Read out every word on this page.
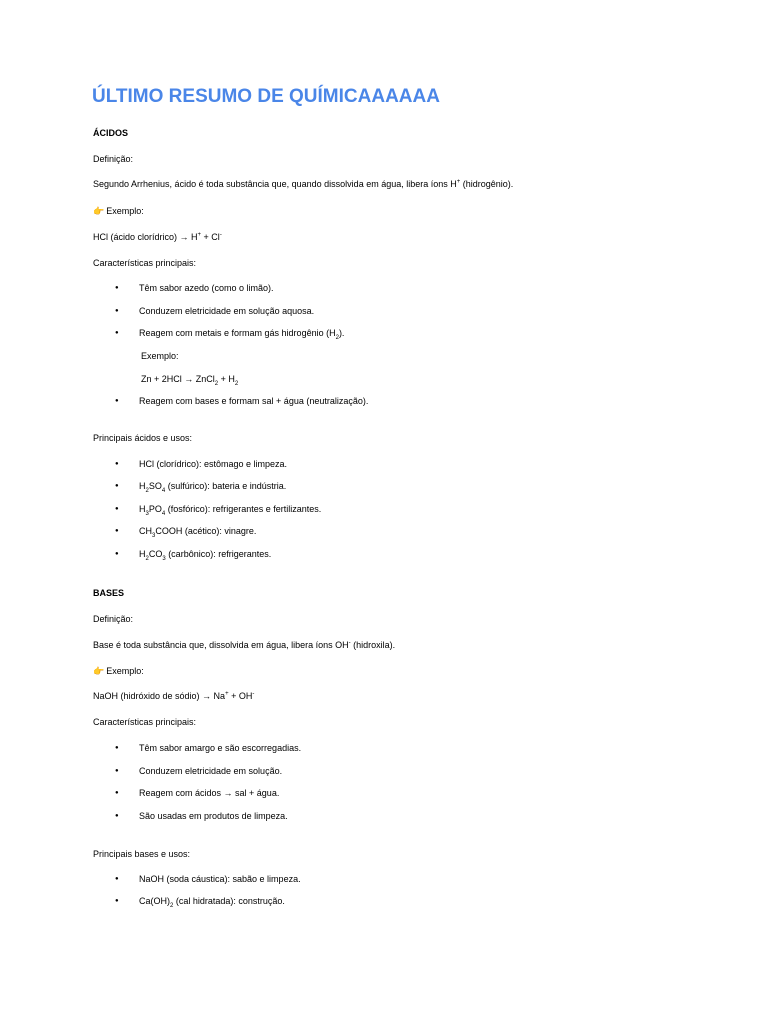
ÚLTIMO RESUMO DE QUÍMICAAAAAA
ÁCIDOS
Definição:
Segundo Arrhenius, ácido é toda substância que, quando dissolvida em água, libera íons H+ (hidrogênio).
👉 Exemplo:
HCl (ácido clorídrico) → H+ + Cl-
Características principais:
● Têm sabor azedo (como o limão).
● Conduzem eletricidade em solução aquosa.
● Reagem com metais e formam gás hidrogênio $(H_2)$.
Exemplo:
Zn + 2HCl → ZnCl$_2$ + $H_2$
● Reagem com bases e formam sal + água (neutralização).
Principais ácidos e usos:
● HCl (clorídrico): estômago e limpeza.
● $H_2SO_4$ (sulfúrico): bateria e indústria.
● $H_3PO_4$ (fosfórico): refrigerantes e fertilizantes.
● $CH_3COOH$ (acético): vinagre.
● $H_2CO_3$ (carbônico): refrigerantes.
BASES
Definição:
Base é toda substância que, dissolvida em água, libera íons OH- (hidroxila).
👉 Exemplo:
NaOH (hidróxido de sódio) → Na+ + OH-
Características principais:
● Têm sabor amargo e são escorregadias.
● Conduzem eletricidade em solução.
● Reagem com ácidos → sal + água.
● São usadas em produtos de limpeza.
Principais bases e usos:
● NaOH (soda cáustica): sabão e limpeza.
● $Ca(OH)_2$ (cal hidratada): construção.
